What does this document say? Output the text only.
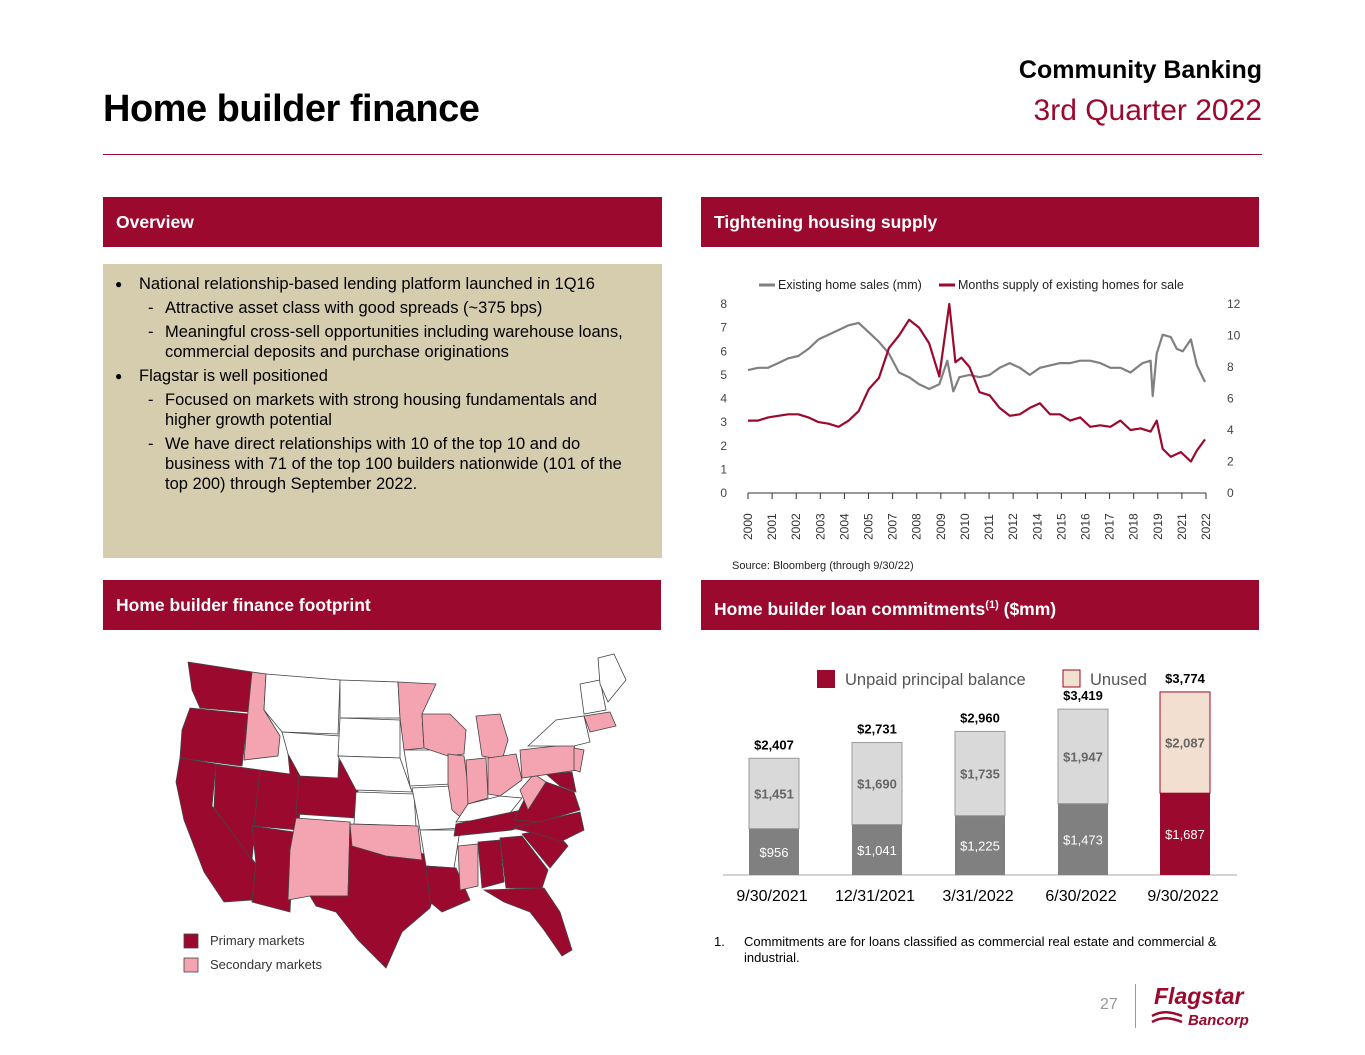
Home builder finance
Community Banking
3rd Quarter 2022
Overview
● National relationship-based lending platform launched in 1Q16
- Attractive asset class with good spreads (~375 bps)
- Meaningful cross-sell opportunities including warehouse loans,
commercial deposits and purchase originations
● Flagstar is well positioned
- Focused on markets with strong housing fundamentals and
higher growth potential
- We have direct relationships with 10 of the top 10 and do
business with 71 of the top 100 builders nationwide (101 of the
top 200) through September 2022.
Tightening housing supply
0
1
2
3
4
5
6
7
8
0
2
4
6
8
10
12
2000 2001 2002 2003 2004 2005 2007 2008 2009 2010 2011 2012 2014 2015 2016 2017 2018 2019 2021 2022
Existing home sales (mm)	Months supply of existing homes for sale
Source: Bloomberg (through 9/30/22)
Home builder finance footprint
Primary markets
Secondary markets
Home builder loan commitments$^{(1)}$ ($mm)
Unpaid principal balance	Unused
$956
$1,451
$2,407
9/30/2021
$1,041
$1,690
$2,731
12/31/2021
$1,225
$1,735
$2,960
3/31/2022
$1,473
$1,947
$3,419
6/30/2022
$1,687
$2,087
$3,774
9/30/2022
1. Commitments are for loans classified as commercial real estate and commercial &
industrial.
27 Flagstar
Bancorp
